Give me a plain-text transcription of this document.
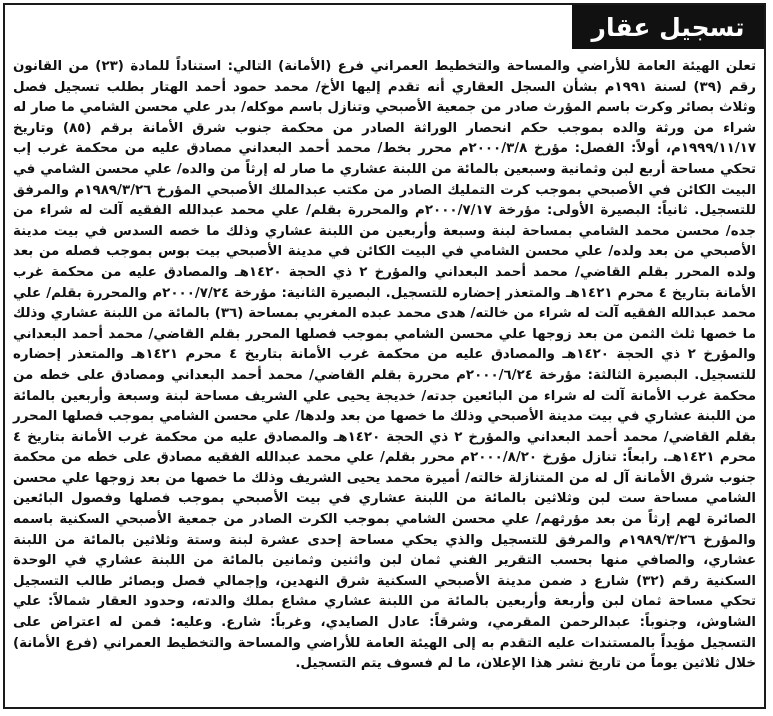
تسجيل عقار
تعلن الهيئة العامة للأراضي والمساحة والتخطيط العمراني فرع (الأمانة) التالي: استناداً للمادة (٢٣) من القانون رقم (٣٩) لسنة ١٩٩١م بشأن السجل العقاري أنه تقدم إليها الأخ/ محمد حمود أحمد الهتار بطلب تسجيل فصل وثلاث بصائر وكرت باسم المؤرث صادر من جمعية الأصبحي وتنازل باسم موكله/ بدر علي محسن الشامي ما صار له شراء من ورثة والده بموجب حكم انحصار الوراثة الصادر من محكمة جنوب شرق الأمانة برقم (٨٥) وتاريخ ١٩٩٩/١١/١٧م، أولاً: الفصل: مؤرخ ٢٠٠٠/٣/٨م محرر بخط/ محمد أحمد البعداني مصادق عليه من محكمة غرب إب تحكي مساحة أربع لبن وثمانية وسبعين بالمائة من اللبنة عشاري ما صار له إرثاً من والده/ علي محسن الشامي في البيت الكائن في الأصبحي بموجب كرت التمليك الصادر من مكتب عبدالملك الأصبحي المؤرخ ١٩٨٩/٣/٢٦م والمرفق للتسجيل. ثانياً: البصيرة الأولى: مؤرخة ٢٠٠٠/٧/١٧م والمحررة بقلم/ علي محمد عبدالله الفقيه آلت له شراء من جده/ محسن محمد الشامي بمساحة لبنة وسبعة وأربعين من اللبنة عشاري وذلك ما خصه السدس في بيت مدينة الأصبحي من بعد ولده/ علي محسن الشامي في البيت الكائن في مدينة الأصبحي بيت بوس بموجب فصله من بعد ولده المحرر بقلم القاضي/ محمد أحمد البعداني والمؤرخ ٢ ذي الحجة ١٤٢٠هـ والمصادق عليه من محكمة غرب الأمانة بتاريخ ٤ محرم ١٤٢١هـ والمتعذر إحضاره للتسجيل. البصيرة الثانية: مؤرخة ٢٠٠٠/٧/٢٤م والمحررة بقلم/ علي محمد عبدالله الفقيه آلت له شراء من خالته/ هدى محمد عبده المغربي بمساحة (٣٦) بالمائة من اللبنة عشاري وذلك ما خصها ثلث الثمن من بعد زوجها علي محسن الشامي بموجب فصلها المحرر بقلم القاضي/ محمد أحمد البعداني والمؤرخ ٢ ذي الحجة ١٤٢٠هـ والمصادق عليه من محكمة غرب الأمانة بتاريخ ٤ محرم ١٤٢١هـ والمتعذر إحضاره للتسجيل. البصيرة الثالثة: مؤرخة ٢٠٠٠/٦/٢٤م محررة بقلم القاضي/ محمد أحمد البعداني ومصادق على خطه من محكمة غرب الأمانة آلت له شراء من البائعين جدته/ خديجة يحيى علي الشريف مساحة لبنة وسبعة وأربعين بالمائة من اللبنة عشاري في بيت مدينة الأصبحي وذلك ما خصها من بعد ولدها/ علي محسن الشامي بموجب فصلها المحرر بقلم القاضي/ محمد أحمد البعداني والمؤرخ ٢ ذي الحجة ١٤٢٠هـ والمصادق عليه من محكمة غرب الأمانة بتاريخ ٤ محرم ١٤٢١هـ. رابعاً: تنازل مؤرخ ٢٠٠٠/٨/٢٠م محرر بقلم/ علي محمد عبدالله الفقيه مصادق على خطه من محكمة جنوب شرق الأمانة آل له من المتنازلة خالته/ أميرة محمد يحيى الشريف وذلك ما خصها من بعد زوجها علي محسن الشامي مساحة ست لبن وثلاثين بالمائة من اللبنة عشاري في بيت الأصبحي بموجب فصلها وفصول البائعين الصائرة لهم إرثاً من بعد مؤرثهم/ علي محسن الشامي بموجب الكرت الصادر من جمعية الأصبحي السكنية باسمه والمؤرخ ١٩٨٩/٣/٢٦م والمرفق للتسجيل والذي يحكي مساحة إحدى عشرة لبنة وستة وثلاثين بالمائة من اللبنة عشاري، والصافي منها بحسب التقرير الفني ثمان لبن واثنين وثمانين بالمائة من اللبنة عشاري في الوحدة السكنية رقم (٣٢) شارع د ضمن مدينة الأصبحي السكنية شرق النهدين، وإجمالي فصل وبصائر طالب التسجيل تحكي مساحة ثمان لبن وأربعة وأربعين بالمائة من اللبنة عشاري مشاع بملك والدته، وحدود العقار شمالاً: علي الشاوش، وجنوباً: عبدالرحمن المقرمي، وشرقاً: عادل الصايدي، وغرباً: شارع. وعليه: فمن له اعتراض على التسجيل مؤيداً بالمستندات عليه التقدم به إلى الهيئة العامة للأراضي والمساحة والتخطيط العمراني (فرع الأمانة) خلال ثلاثين يوماً من تاريخ نشر هذا الإعلان، ما لم فسوف يتم التسجيل.
